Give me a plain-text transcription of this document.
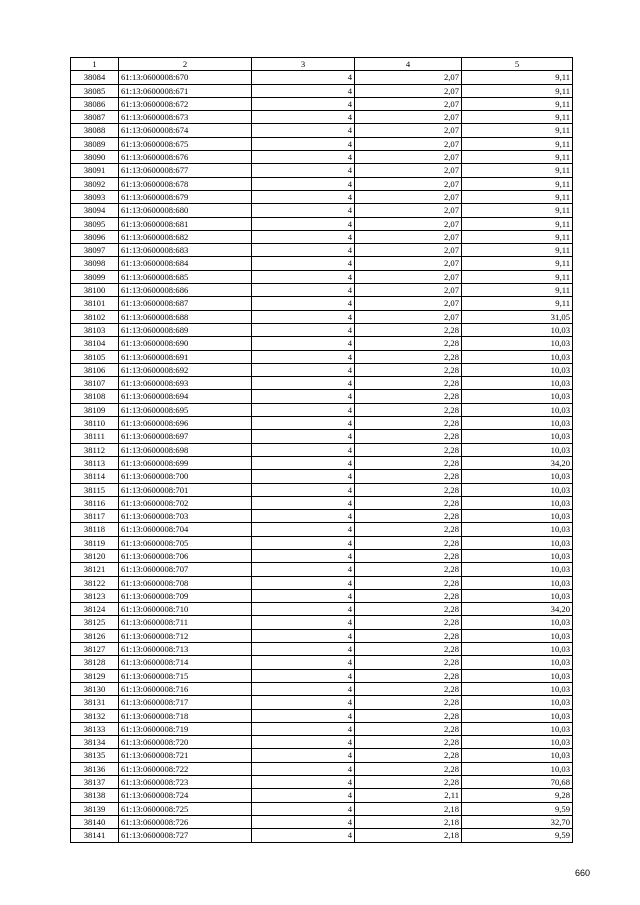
1	2	3	4	5
38084	61:13:0600008:670	4	2,07	9,11
38085	61:13:0600008:671	4	2,07	9,11
38086	61:13:0600008:672	4	2,07	9,11
38087	61:13:0600008:673	4	2,07	9,11
38088	61:13:0600008:674	4	2,07	9,11
38089	61:13:0600008:675	4	2,07	9,11
38090	61:13:0600008:676	4	2,07	9,11
38091	61:13:0600008:677	4	2,07	9,11
38092	61:13:0600008:678	4	2,07	9,11
38093	61:13:0600008:679	4	2,07	9,11
38094	61:13:0600008:680	4	2,07	9,11
38095	61:13:0600008:681	4	2,07	9,11
38096	61:13:0600008:682	4	2,07	9,11
38097	61:13:0600008:683	4	2,07	9,11
38098	61:13:0600008:684	4	2,07	9,11
38099	61:13:0600008:685	4	2,07	9,11
38100	61:13:0600008:686	4	2,07	9,11
38101	61:13:0600008:687	4	2,07	9,11
38102	61:13:0600008:688	4	2,07	31,05
38103	61:13:0600008:689	4	2,28	10,03
38104	61:13:0600008:690	4	2,28	10,03
38105	61:13:0600008:691	4	2,28	10,03
38106	61:13:0600008:692	4	2,28	10,03
38107	61:13:0600008:693	4	2,28	10,03
38108	61:13:0600008:694	4	2,28	10,03
38109	61:13:0600008:695	4	2,28	10,03
38110	61:13:0600008:696	4	2,28	10,03
38111	61:13:0600008:697	4	2,28	10,03
38112	61:13:0600008:698	4	2,28	10,03
38113	61:13:0600008:699	4	2,28	34,20
38114	61:13:0600008:700	4	2,28	10,03
38115	61:13:0600008:701	4	2,28	10,03
38116	61:13:0600008:702	4	2,28	10,03
38117	61:13:0600008:703	4	2,28	10,03
38118	61:13:0600008:704	4	2,28	10,03
38119	61:13:0600008:705	4	2,28	10,03
38120	61:13:0600008:706	4	2,28	10,03
38121	61:13:0600008:707	4	2,28	10,03
38122	61:13:0600008:708	4	2,28	10,03
38123	61:13:0600008:709	4	2,28	10,03
38124	61:13:0600008:710	4	2,28	34,20
38125	61:13:0600008:711	4	2,28	10,03
38126	61:13:0600008:712	4	2,28	10,03
38127	61:13:0600008:713	4	2,28	10,03
38128	61:13:0600008:714	4	2,28	10,03
38129	61:13:0600008:715	4	2,28	10,03
38130	61:13:0600008:716	4	2,28	10,03
38131	61:13:0600008:717	4	2,28	10,03
38132	61:13:0600008:718	4	2,28	10,03
38133	61:13:0600008:719	4	2,28	10,03
38134	61:13:0600008:720	4	2,28	10,03
38135	61:13:0600008:721	4	2,28	10,03
38136	61:13:0600008:722	4	2,28	10,03
38137	61:13:0600008:723	4	2,28	70,68
38138	61:13:0600008:724	4	2,11	9,28
38139	61:13:0600008:725	4	2,18	9,59
38140	61:13:0600008:726	4	2,18	32,70
38141	61:13:0600008:727	4	2,18	9,59
660
